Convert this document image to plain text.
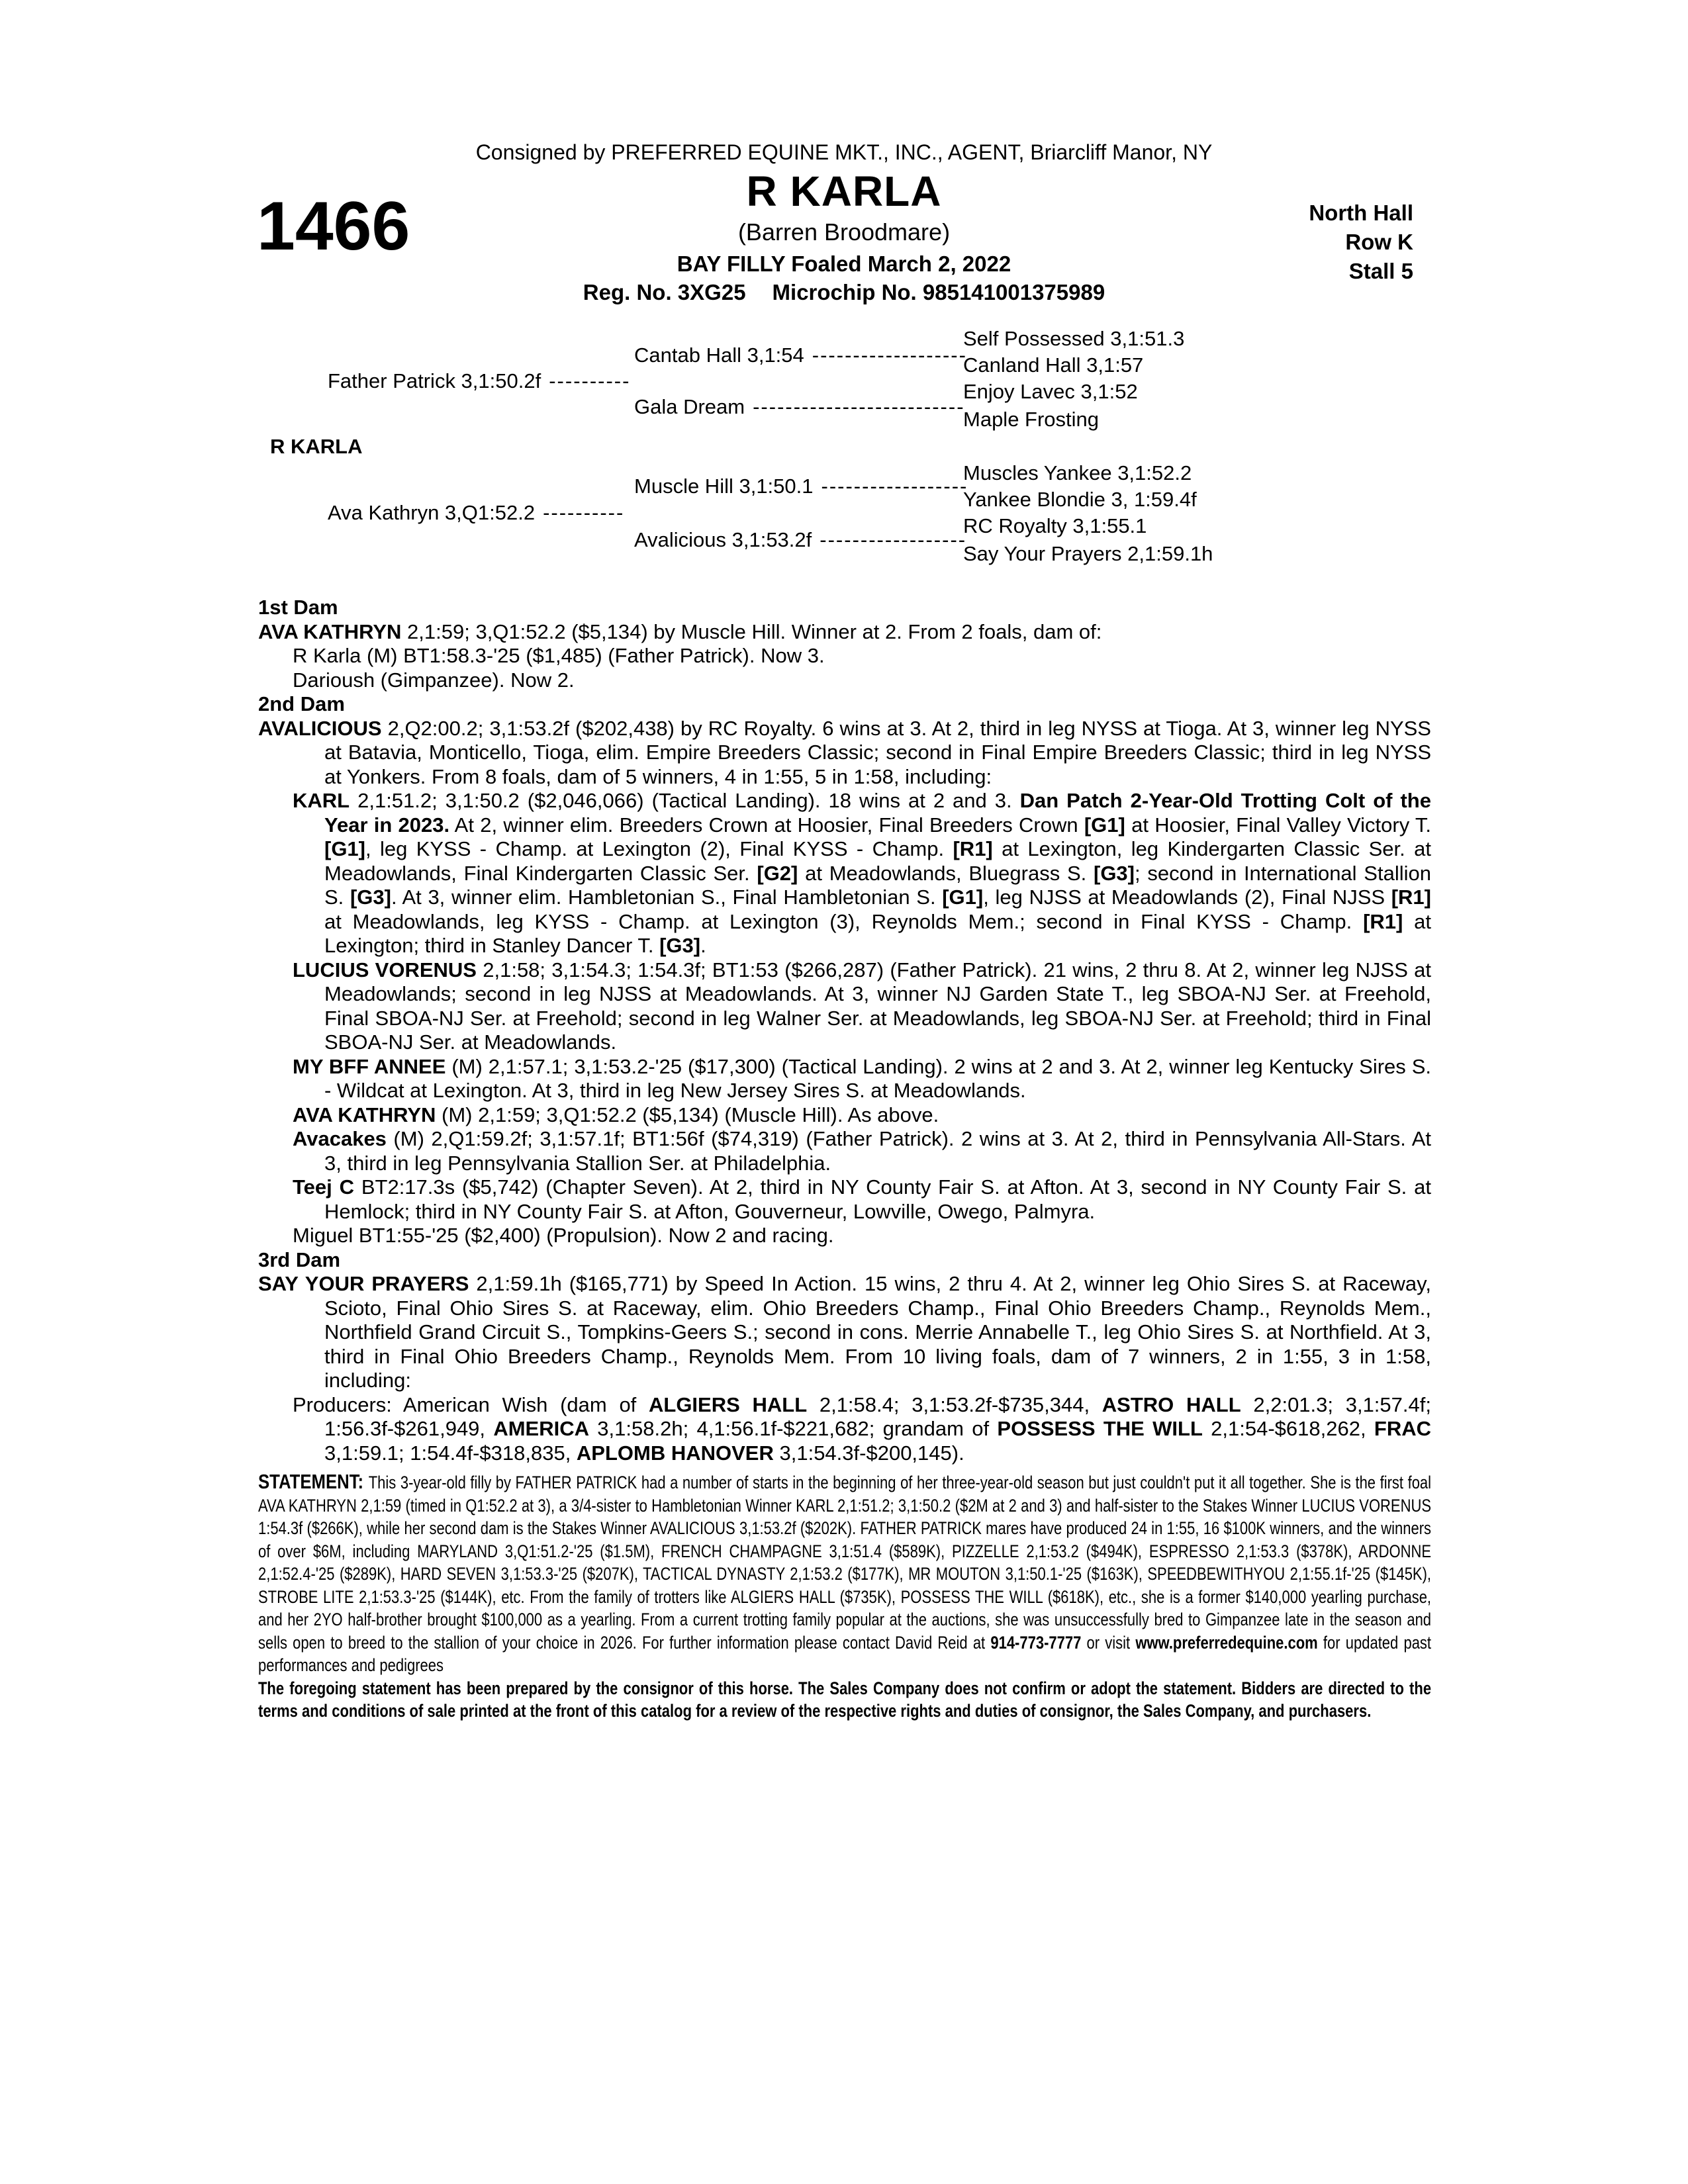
Consigned by PREFERRED EQUINE MKT., INC., AGENT, Briarcliff Manor, NY
R KARLA
1466	(Barren Broodmare)
BAY FILLY Foaled March 2, 2022
Reg. No. 3XG25 Microchip No. 985141001375989
North Hall
Row K
Stall 5
R KARLA
Father Patrick 3,1:50.2f ----------
Ava Kathryn 3,Q1:52.2 ----------
Cantab Hall 3,1:54 -------------------
Gala Dream --------------------------
Muscle Hill 3,1:50.1 ------------------
Avalicious 3,1:53.2f ------------------
Self Possessed 3,1:51.3
Canland Hall 3,1:57
Enjoy Lavec 3,1:52
Maple Frosting
Muscles Yankee 3,1:52.2
Yankee Blondie 3, 1:59.4f
RC Royalty 3,1:55.1
Say Your Prayers 2,1:59.1h
1st Dam

AVA KATHRYN 2,1:59; 3,Q1:52.2 ($5,134) by Muscle Hill. Winner at 2. From 2 foals, dam of:

R Karla (M) BT1:58.3-'25 ($1,485) (Father Patrick). Now 3.

Darioush (Gimpanzee). Now 2.

2nd Dam

AVALICIOUS 2,Q2:00.2; 3,1:53.2f ($202,438) by RC Royalty. 6 wins at 3. At 2, third in leg NYSS at Tioga. At 3, winner leg NYSS at Batavia, Monticello, Tioga, elim. Empire Breeders Classic; second in Final Empire Breeders Classic; third in leg NYSS at Yonkers. From 8 foals, dam of 5 winners, 4 in 1:55, 5 in 1:58, including:

KARL 2,1:51.2; 3,1:50.2 ($2,046,066) (Tactical Landing). 18 wins at 2 and 3. Dan Patch 2-Year-Old Trotting Colt of the Year in 2023. At 2, winner elim. Breeders Crown at Hoosier, Final Breeders Crown [G1] at Hoosier, Final Valley Victory T. [G1], leg KYSS - Champ. at Lexington (2), Final KYSS - Champ. [R1] at Lexington, leg Kindergarten Classic Ser. at Meadowlands, Final Kindergarten Classic Ser. [G2] at Meadowlands, Bluegrass S. [G3]; second in International Stallion S. [G3]. At 3, winner elim. Hambletonian S., Final Hambletonian S. [G1], leg NJSS at Meadowlands (2), Final NJSS [R1] at Meadowlands, leg KYSS - Champ. at Lexington (3), Reynolds Mem.; second in Final KYSS - Champ. [R1] at Lexington; third in Stanley Dancer T. [G3].

LUCIUS VORENUS 2,1:58; 3,1:54.3; 1:54.3f; BT1:53 ($266,287) (Father Patrick). 21 wins, 2 thru 8. At 2, winner leg NJSS at Meadowlands; second in leg NJSS at Meadowlands. At 3, winner NJ Garden State T., leg SBOA-NJ Ser. at Freehold, Final SBOA-NJ Ser. at Freehold; second in leg Walner Ser. at Meadowlands, leg SBOA-NJ Ser. at Freehold; third in Final SBOA-NJ Ser. at Meadowlands.

MY BFF ANNEE (M) 2,1:57.1; 3,1:53.2-'25 ($17,300) (Tactical Landing). 2 wins at 2 and 3. At 2, winner leg Kentucky Sires S. - Wildcat at Lexington. At 3, third in leg New Jersey Sires S. at Meadowlands.

AVA KATHRYN (M) 2,1:59; 3,Q1:52.2 ($5,134) (Muscle Hill). As above.

Avacakes (M) 2,Q1:59.2f; 3,1:57.1f; BT1:56f ($74,319) (Father Patrick). 2 wins at 3. At 2, third in Pennsylvania All-Stars. At 3, third in leg Pennsylvania Stallion Ser. at Philadelphia.

Teej C BT2:17.3s ($5,742) (Chapter Seven). At 2, third in NY County Fair S. at Afton. At 3, second in NY County Fair S. at Hemlock; third in NY County Fair S. at Afton, Gouverneur, Lowville, Owego, Palmyra.

Miguel BT1:55-'25 ($2,400) (Propulsion). Now 2 and racing.

3rd Dam

SAY YOUR PRAYERS 2,1:59.1h ($165,771) by Speed In Action. 15 wins, 2 thru 4. At 2, winner leg Ohio Sires S. at Raceway, Scioto, Final Ohio Sires S. at Raceway, elim. Ohio Breeders Champ., Final Ohio Breeders Champ., Reynolds Mem., Northfield Grand Circuit S., Tompkins-Geers S.; second in cons. Merrie Annabelle T., leg Ohio Sires S. at Northfield. At 3, third in Final Ohio Breeders Champ., Reynolds Mem. From 10 living foals, dam of 7 winners, 2 in 1:55, 3 in 1:58, including:

Producers: American Wish (dam of ALGIERS HALL 2,1:58.4; 3,1:53.2f-$735,344, ASTRO HALL 2,2:01.3; 3,1:57.4f; 1:56.3f-$261,949, AMERICA 3,1:58.2h; 4,1:56.1f-$221,682; grandam of POSSESS THE WILL 2,1:54-$618,262, FRAC 3,1:59.1; 1:54.4f-$318,835, APLOMB HANOVER 3,1:54.3f-$200,145).

STATEMENT: This 3-year-old filly by FATHER PATRICK had a number of starts in the beginning of her three-year-old season but just couldn't put it all together. She is the first foal AVA KATHRYN 2,1:59 (timed in Q1:52.2 at 3), a 3/4-sister to Hambletonian Winner KARL 2,1:51.2; 3,1:50.2 ($2M at 2 and 3) and half-sister to the Stakes Winner LUCIUS VORENUS 1:54.3f ($266K), while her second dam is the Stakes Winner AVALICIOUS 3,1:53.2f ($202K). FATHER PATRICK mares have produced 24 in 1:55, 16 $100K winners, and the winners of over $6M, including MARYLAND 3,Q1:51.2-'25 ($1.5M), FRENCH CHAMPAGNE 3,1:51.4 ($589K), PIZZELLE 2,1:53.2 ($494K), ESPRESSO 2,1:53.3 ($378K), ARDONNE 2,1:52.4-'25 ($289K), HARD SEVEN 3,1:53.3-'25 ($207K), TACTICAL DYNASTY 2,1:53.2 ($177K), MR MOUTON 3,1:50.1-'25 ($163K), SPEEDBEWITHYOU 2,1:55.1f-'25 ($145K), STROBE LITE 2,1:53.3-'25 ($144K), etc. From the family of trotters like ALGIERS HALL ($735K), POSSESS THE WILL ($618K), etc., she is a former $140,000 yearling purchase, and her 2YO half-brother brought $100,000 as a yearling. From a current trotting family popular at the auctions, she was unsuccessfully bred to Gimpanzee late in the season and sells open to breed to the stallion of your choice in 2026. For further information please contact David Reid at 914-773-7777 or visit www.preferredequine.com for updated past performances and pedigrees

The foregoing statement has been prepared by the consignor of this horse. The Sales Company does not confirm or adopt the statement. Bidders are directed to the terms and conditions of sale printed at the front of this catalog for a review of the respective rights and duties of consignor, the Sales Company, and purchasers.
